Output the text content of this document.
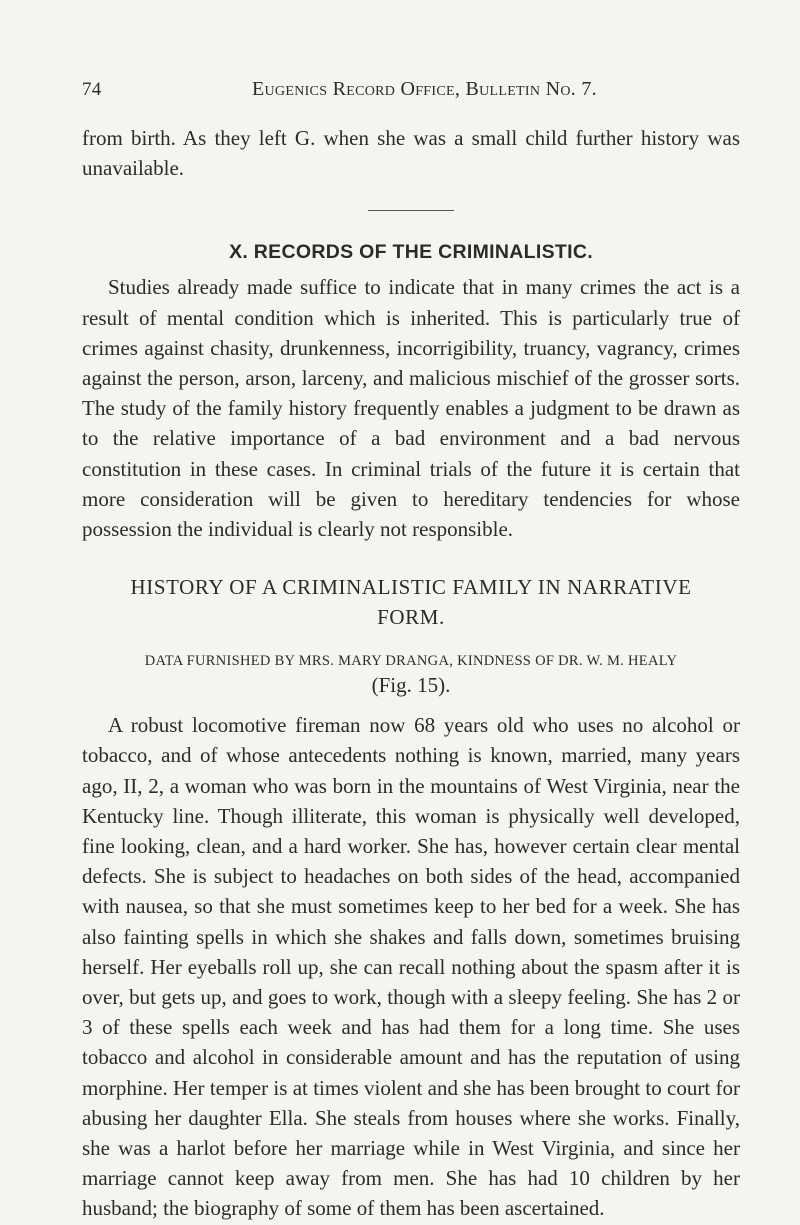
74	Eugenics Record Office, Bulletin No. 7.

from birth. As they left G. when she was a small child further history was unavailable.

X. RECORDS OF THE CRIMINALISTIC.

Studies already made suffice to indicate that in many crimes the act is a result of mental condition which is inherited. This is particularly true of crimes against chasity, drunkenness, incorrigibility, truancy, vagrancy, crimes against the person, arson, larceny, and malicious mischief of the grosser sorts. The study of the family history frequently enables a judgment to be drawn as to the relative importance of a bad environment and a bad nervous constitution in these cases. In criminal trials of the future it is certain that more consideration will be given to hereditary tendencies for whose possession the individual is clearly not responsible.

HISTORY OF A CRIMINALISTIC FAMILY IN NARRATIVE FORM.
DATA FURNISHED BY MRS. MARY DRANGA, KINDNESS OF DR. W. M. HEALY
(Fig. 15).

A robust locomotive fireman now 68 years old who uses no alcohol or tobacco, and of whose antecedents nothing is known, married, many years ago, II, 2, a woman who was born in the mountains of West Virginia, near the Kentucky line. Though illiterate, this woman is physically well developed, fine looking, clean, and a hard worker. She has, however certain clear mental defects. She is subject to headaches on both sides of the head, accompanied with nausea, so that she must sometimes keep to her bed for a week. She has also fainting spells in which she shakes and falls down, sometimes bruising herself. Her eyeballs roll up, she can recall nothing about the spasm after it is over, but gets up, and goes to work, though with a sleepy feeling. She has 2 or 3 of these spells each week and has had them for a long time. She uses tobacco and alcohol in considerable amount and has the reputation of using morphine. Her temper is at times violent and she has been brought to court for abusing her daughter Ella. She steals from houses where she works. Finally, she was a harlot before her marriage while in West Virginia, and since her marriage cannot keep away from men. She has had 10 children by her husband; the biography of some of them has been ascertained.
